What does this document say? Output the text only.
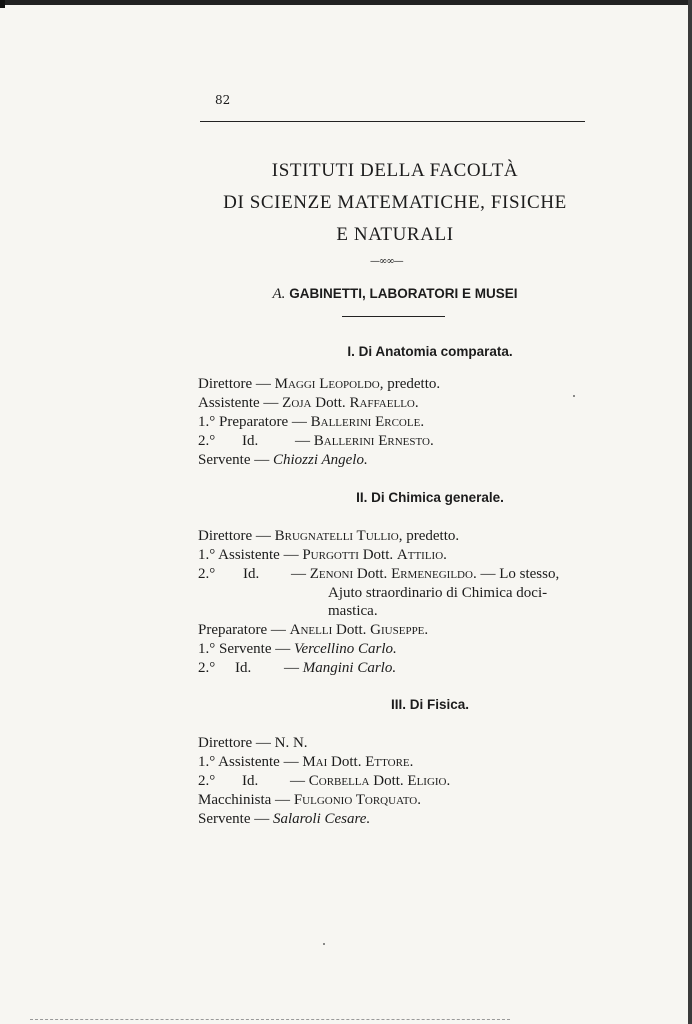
82
ISTITUTI DELLA FACOLTÀ
DI SCIENZE MATEMATICHE, FISICHE
E NATURALI
—∞∞—
A. GABINETTI, LABORATORI E MUSEI
I. Di Anatomia comparata.
Direttore — Maggi Leopoldo, predetto.
Assistente — Zoja Dott. Raffaello.
1.° Preparatore — Ballerini Ercole.
2.° Id. — Ballerini Ernesto.
Servente — Chiozzi Angelo.
II. Di Chimica generale.
Direttore — Brugnatelli Tullio, predetto.
1.° Assistente — Purgotti Dott. Attilio.
2.° Id. — Zenoni Dott. Ermenegildo. — Lo stesso,
Ajuto straordinario di Chimica doci-
mastica.
Preparatore — Anelli Dott. Giuseppe.
1.° Servente — Vercellino Carlo.
2.° Id. — Mangini Carlo.
III. Di Fisica.
Direttore — N. N.
1.° Assistente — Mai Dott. Ettore.
2.° Id. — Corbella Dott. Eligio.
Macchinista — Fulgonio Torquato.
Servente — Salaroli Cesare.
